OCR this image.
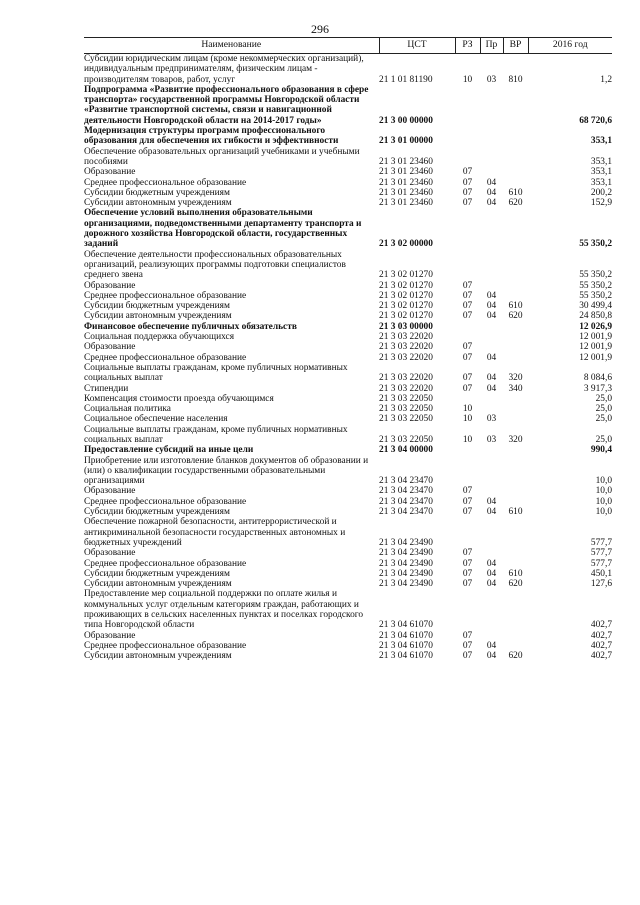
296
Наименование	ЦСТ	РЗ	Пр	ВР	2016 год
Субсидии юридическим лицам (кроме некоммерческих организаций), индивидуальным предпринимателям, физическим лицам - производителям товаров, работ, услуг	21 1 01 81190	10	03	810	1,2
Подпрограмма «Развитие профессионального образования в сфере транспорта» государственной программы Новгородской области «Развитие транспортной системы, связи и навигационной деятельности Новгородской области на 2014-2017 годы»	21 3 00 00000				68 720,6
Модернизация структуры программ профессионального образования для обеспечения их гибкости и эффективности	21 3 01 00000				353,1
Обеспечение образовательных организаций учебниками и учебными пособиями	21 3 01 23460				353,1
Образование	21 3 01 23460	07			353,1
Среднее профессиональное образование	21 3 01 23460	07	04		353,1
Субсидии бюджетным учреждениям	21 3 01 23460	07	04	610	200,2
Субсидии автономным учреждениям	21 3 01 23460	07	04	620	152,9
Обеспечение условий выполнения образовательными организациями, подведомственными департаменту транспорта и дорожного хозяйства Новгородской области, государственных заданий	21 3 02 00000				55 350,2
Обеспечение деятельности профессиональных образовательных организаций, реализующих программы подготовки специалистов среднего звена	21 3 02 01270				55 350,2
Образование	21 3 02 01270	07			55 350,2
Среднее профессиональное образование	21 3 02 01270	07	04		55 350,2
Субсидии бюджетным учреждениям	21 3 02 01270	07	04	610	30 499,4
Субсидии автономным учреждениям	21 3 02 01270	07	04	620	24 850,8
Финансовое обеспечение публичных обязательств	21 3 03 00000				12 026,9
Социальная поддержка обучающихся	21 3 03 22020				12 001,9
Образование	21 3 03 22020	07			12 001,9
Среднее профессиональное образование	21 3 03 22020	07	04		12 001,9
Социальные выплаты гражданам, кроме публичных нормативных социальных выплат	21 3 03 22020	07	04	320	8 084,6
Стипендии	21 3 03 22020	07	04	340	3 917,3
Компенсация стоимости проезда обучающимся	21 3 03 22050				25,0
Социальная политика	21 3 03 22050	10			25,0
Социальное обеспечение населения	21 3 03 22050	10	03		25,0
Социальные выплаты гражданам, кроме публичных нормативных социальных выплат	21 3 03 22050	10	03	320	25,0
Предоставление субсидий на иные цели	21 3 04 00000				990,4
Приобретение или изготовление бланков документов об образовании и (или) о квалификации государственными образовательными организациями	21 3 04 23470				10,0
Образование	21 3 04 23470	07			10,0
Среднее профессиональное образование	21 3 04 23470	07	04		10,0
Субсидии бюджетным учреждениям	21 3 04 23470	07	04	610	10,0
Обеспечение пожарной безопасности, антитеррористической и антикриминальной безопасности государственных автономных и бюджетных учреждений	21 3 04 23490				577,7
Образование	21 3 04 23490	07			577,7
Среднее профессиональное образование	21 3 04 23490	07	04		577,7
Субсидии бюджетным учреждениям	21 3 04 23490	07	04	610	450,1
Субсидии автономным учреждениям	21 3 04 23490	07	04	620	127,6
Предоставление мер социальной поддержки по оплате жилья и коммунальных услуг отдельным категориям граждан, работающих и проживающих в сельских населенных пунктах и поселках городского типа Новгородской области	21 3 04 61070				402,7
Образование	21 3 04 61070	07			402,7
Среднее профессиональное образование	21 3 04 61070	07	04		402,7
Субсидии автономным учреждениям	21 3 04 61070	07	04	620	402,7
